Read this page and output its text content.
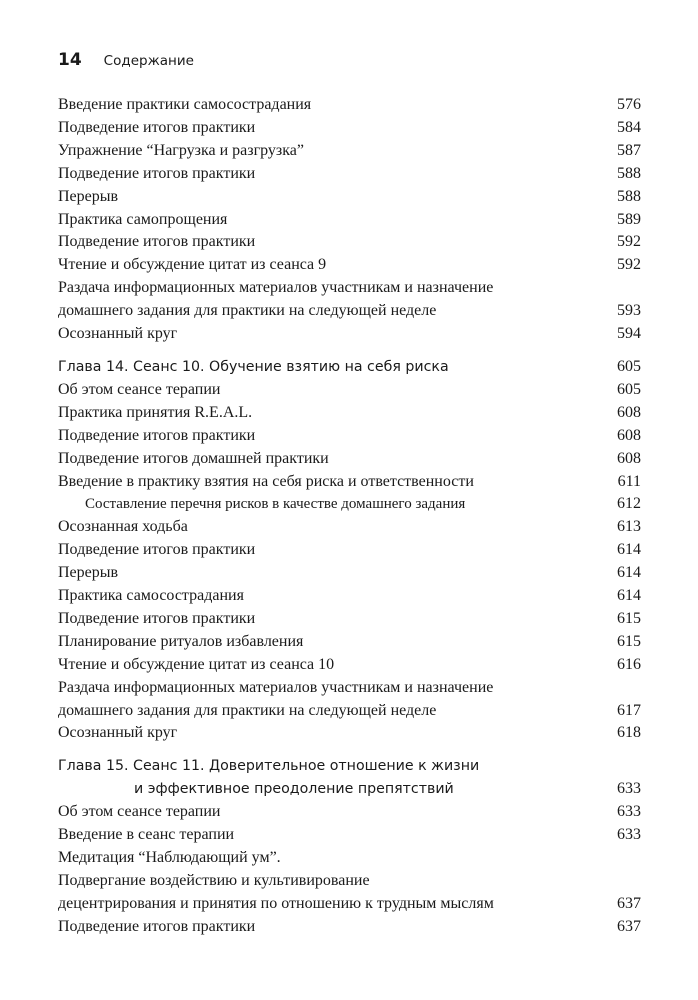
14 Содержание
Введение практики самосострадания	576
Подведение итогов практики	584
Упражнение “Нагрузка и разгрузка”	587
Подведение итогов практики	588
Перерыв	588
Практика самопрощения	589
Подведение итогов практики	592
Чтение и обсуждение цитат из сеанса 9	592
Раздача информационных материалов участникам и назначение
домашнего задания для практики на следующей неделе	593
Осознанный круг	594
Глава 14. Сеанс 10. Обучение взятию на себя риска	605
Об этом сеансе терапии	605
Практика принятия R.E.A.L.	608
Подведение итогов практики	608
Подведение итогов домашней практики	608
Введение в практику взятия на себя риска и ответственности	611
Составление перечня рисков в качестве домашнего задания	612
Осознанная ходьба	613
Подведение итогов практики	614
Перерыв	614
Практика самосострадания	614
Подведение итогов практики	615
Планирование ритуалов избавления	615
Чтение и обсуждение цитат из сеанса 10	616
Раздача информационных материалов участникам и назначение
домашнего задания для практики на следующей неделе	617
Осознанный круг	618
Глава 15. Сеанс 11. Доверительное отношение к жизни
и эффективное преодоление препятствий	633
Об этом сеансе терапии	633
Введение в сеанс терапии	633
Медитация “Наблюдающий ум”.
Подвергание воздействию и культивирование
децентрирования и принятия по отношению к трудным мыслям	637
Подведение итогов практики	637
